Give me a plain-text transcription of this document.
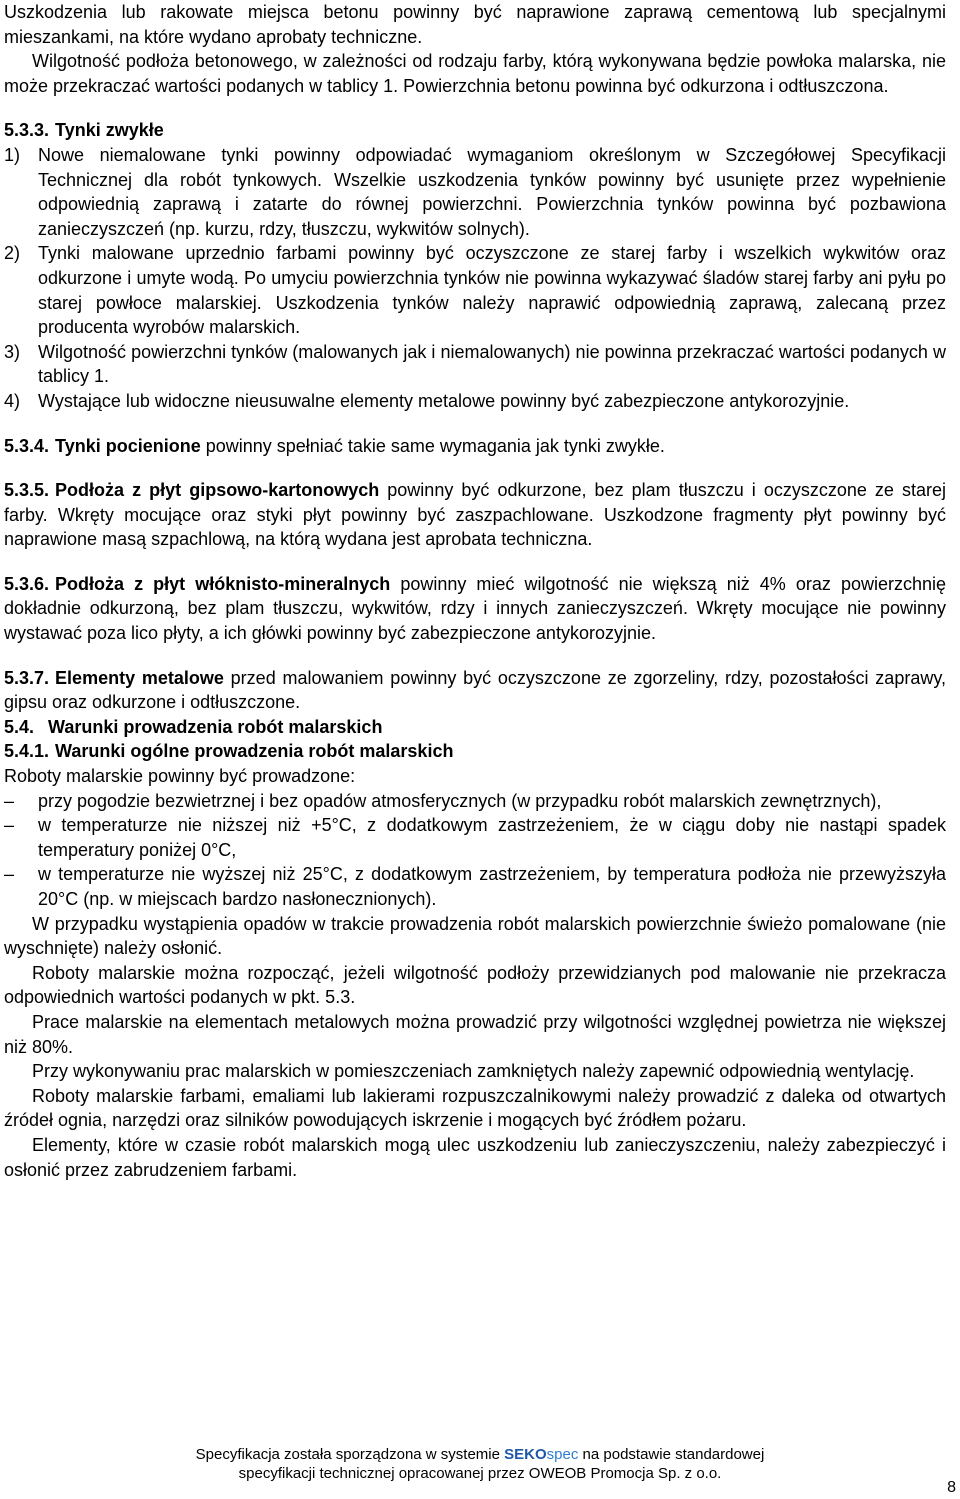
Uszkodzenia lub rakowate miejsca betonu powinny być naprawione zaprawą cementową lub specjalnymi mieszankami, na które wydano aprobaty techniczne.

Wilgotność podłoża betonowego, w zależności od rodzaju farby, którą wykonywana będzie powłoka malarska, nie może przekraczać wartości podanych w tablicy 1. Powierzchnia betonu powinna być odkurzona i odtłuszczona.

5.3.3. Tynki zwykłe

1) Nowe niemalowane tynki powinny odpowiadać wymaganiom określonym w Szczegółowej Specyfikacji Technicznej dla robót tynkowych. Wszelkie uszkodzenia tynków powinny być usunięte przez wypełnienie odpowiednią zaprawą i zatarte do równej powierzchni. Powierzchnia tynków powinna być pozbawiona zanieczyszczeń (np. kurzu, rdzy, tłuszczu, wykwitów solnych).
2) Tynki malowane uprzednio farbami powinny być oczyszczone ze starej farby i wszelkich wykwitów oraz odkurzone i umyte wodą. Po umyciu powierzchnia tynków nie powinna wykazywać śladów starej farby ani pyłu po starej powłoce malarskiej. Uszkodzenia tynków należy naprawić odpowiednią zaprawą, zalecaną przez producenta wyrobów malarskich.
3) Wilgotność powierzchni tynków (malowanych jak i niemalowanych) nie powinna przekraczać wartości podanych w tablicy 1.
4) Wystające lub widoczne nieusuwalne elementy metalowe powinny być zabezpieczone antykorozyjnie.

5.3.4. Tynki pocienione powinny spełniać takie same wymagania jak tynki zwykłe.

5.3.5. Podłoża z płyt gipsowo-kartonowych powinny być odkurzone, bez plam tłuszczu i oczyszczone ze starej farby. Wkręty mocujące oraz styki płyt powinny być zaszpachlowane. Uszkodzone fragmenty płyt powinny być naprawione masą szpachlową, na którą wydana jest aprobata techniczna.

5.3.6. Podłoża z płyt włóknisto-mineralnych powinny mieć wilgotność nie większą niż 4% oraz powierzchnię dokładnie odkurzoną, bez plam tłuszczu, wykwitów, rdzy i innych zanieczyszczeń. Wkręty mocujące nie powinny wystawać poza lico płyty, a ich główki powinny być zabezpieczone antykorozyjnie.

5.3.7. Elementy metalowe przed malowaniem powinny być oczyszczone ze zgorzeliny, rdzy, pozostałości zaprawy, gipsu oraz odkurzone i odtłuszczone.

5.4. Warunki prowadzenia robót malarskich

5.4.1. Warunki ogólne prowadzenia robót malarskich

Roboty malarskie powinny być prowadzone:

–	przy pogodzie bezwietrznej i bez opadów atmosferycznych (w przypadku robót malarskich zewnętrznych),
–	w temperaturze nie niższej niż +5°C, z dodatkowym zastrzeżeniem, że w ciągu doby nie nastąpi spadek temperatury poniżej 0°C,
–	w temperaturze nie wyższej niż 25°C, z dodatkowym zastrzeżeniem, by temperatura podłoża nie przewyższyła 20°C (np. w miejscach bardzo nasłonecznionych).

W przypadku wystąpienia opadów w trakcie prowadzenia robót malarskich powierzchnie świeżo pomalowane (nie wyschnięte) należy osłonić.

Roboty malarskie można rozpocząć, jeżeli wilgotność podłoży przewidzianych pod malowanie nie przekracza odpowiednich wartości podanych w pkt. 5.3.

Prace malarskie na elementach metalowych można prowadzić przy wilgotności względnej powietrza nie większej niż 80%.

Przy wykonywaniu prac malarskich w pomieszczeniach zamkniętych należy zapewnić odpowiednią wentylację.

Roboty malarskie farbami, emaliami lub lakierami rozpuszczalnikowymi należy prowadzić z daleka od otwartych źródeł ognia, narzędzi oraz silników powodujących iskrzenie i mogących być źródłem pożaru.

Elementy, które w czasie robót malarskich mogą ulec uszkodzeniu lub zanieczyszczeniu, należy zabezpieczyć i osłonić przez zabrudzeniem farbami.

Specyfikacja została sporządzona w systemie SEKOspec na podstawie standardowej
specyfikacji technicznej opracowanej przez OWEOB Promocja Sp. z o.o.
8
